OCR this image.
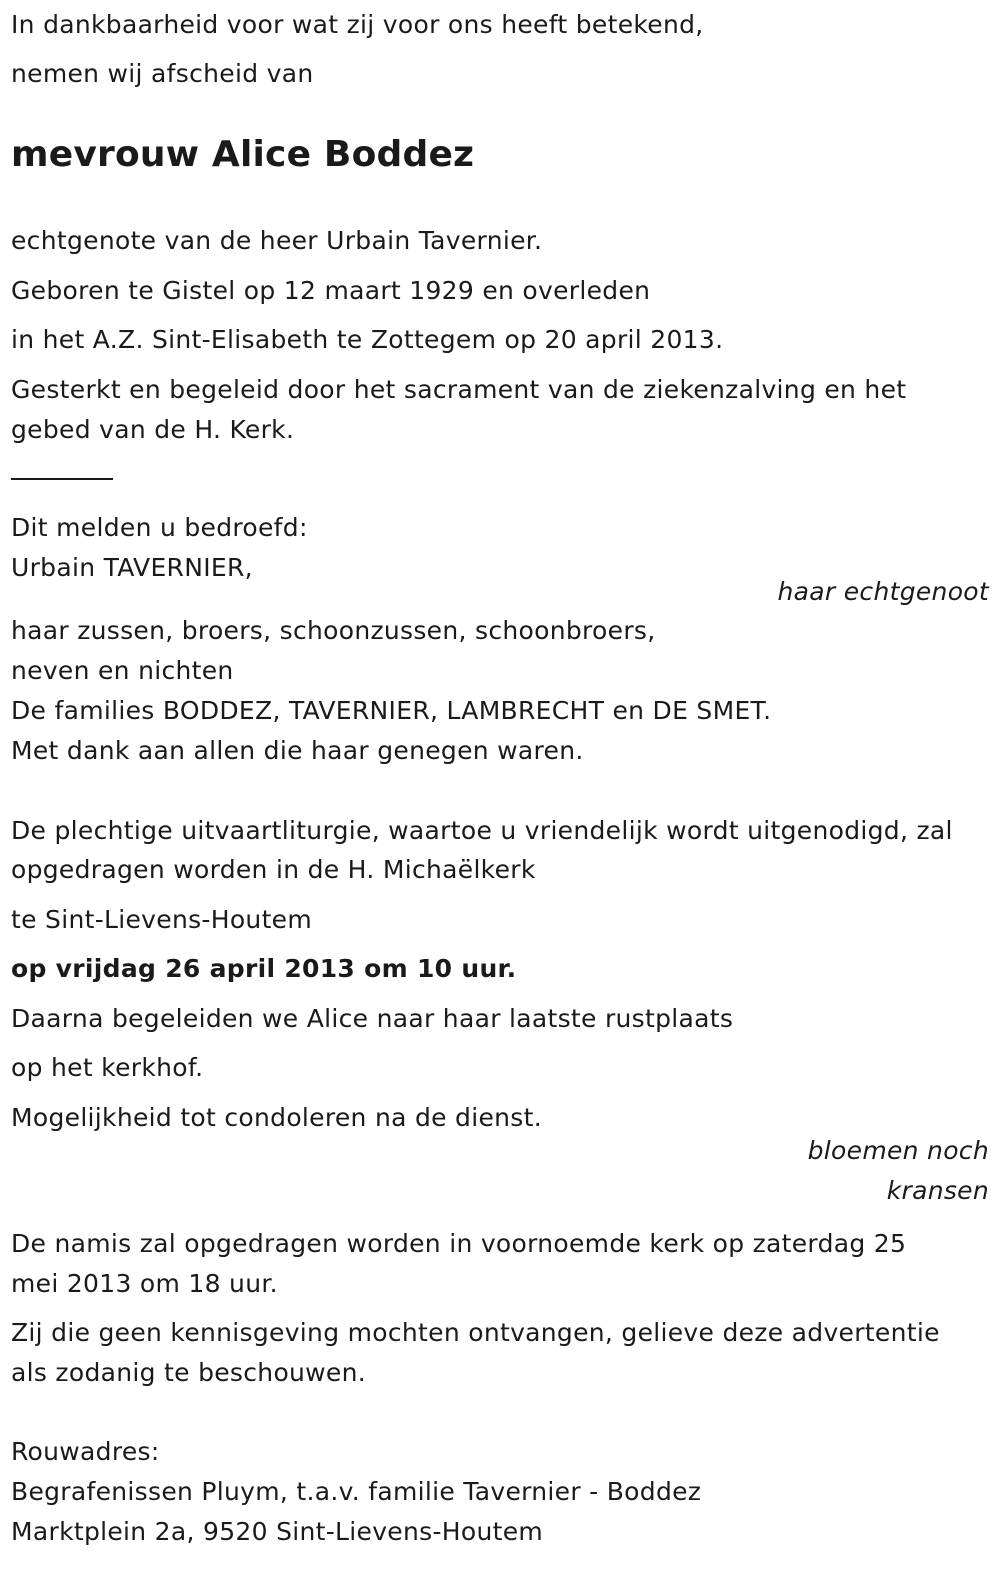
In dankbaarheid voor wat zij voor ons heeft betekend,
nemen wij afscheid van
mevrouw Alice Boddez
echtgenote van de heer Urbain Tavernier.
Geboren te Gistel op 12 maart 1929 en overleden
in het A.Z. Sint-Elisabeth te Zottegem op 20 april 2013.
Gesterkt en begeleid door het sacrament van de ziekenzalving en het
gebed van de H. Kerk.
Dit melden u bedroefd:
Urbain TAVERNIER,
haar echtgenoot
haar zussen, broers, schoonzussen, schoonbroers,
neven en nichten
De families BODDEZ, TAVERNIER, LAMBRECHT en DE SMET.
Met dank aan allen die haar genegen waren.
De plechtige uitvaartliturgie, waartoe u vriendelijk wordt uitgenodigd, zal
opgedragen worden in de H. Michaëlkerk
te Sint-Lievens-Houtem
op vrijdag 26 april 2013 om 10 uur.
Daarna begeleiden we Alice naar haar laatste rustplaats
op het kerkhof.
Mogelijkheid tot condoleren na de dienst.
bloemen noch
kransen
De namis zal opgedragen worden in voornoemde kerk op zaterdag 25
mei 2013 om 18 uur.
Zij die geen kennisgeving mochten ontvangen, gelieve deze advertentie
als zodanig te beschouwen.
Rouwadres:
Begrafenissen Pluym, t.a.v. familie Tavernier - Boddez
Marktplein 2a, 9520 Sint-Lievens-Houtem
